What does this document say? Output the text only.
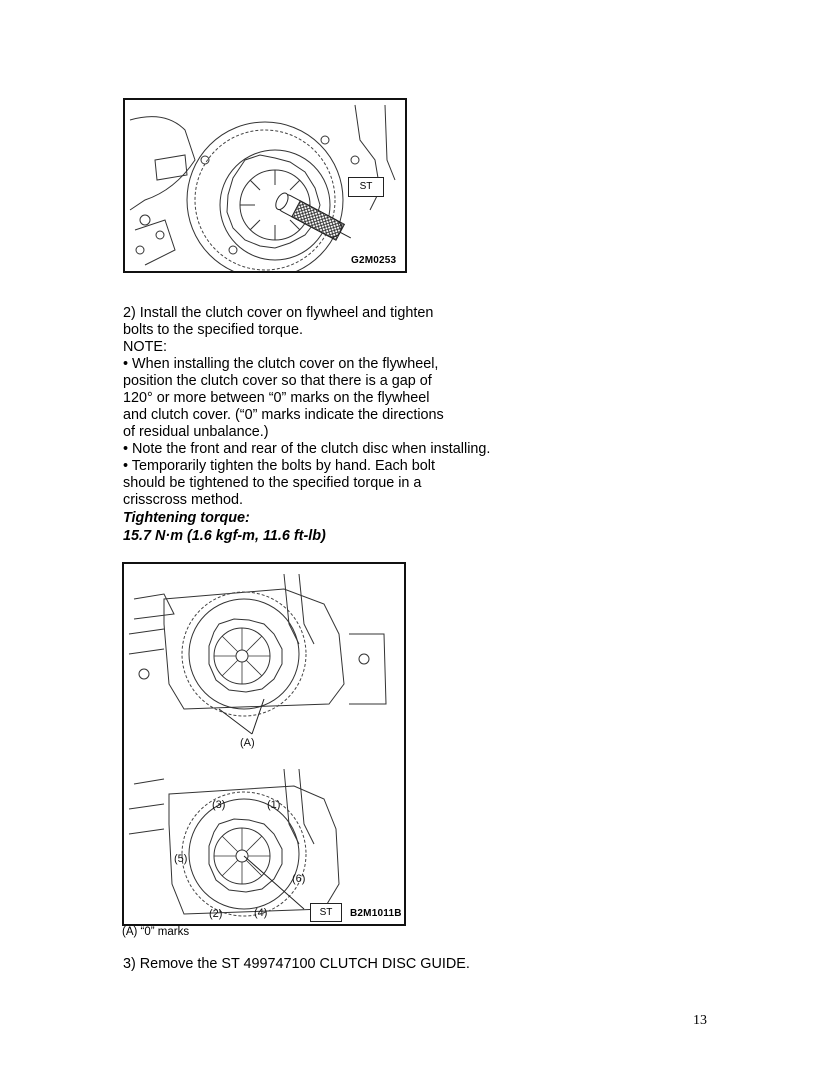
ST
G2M0253
2) Install the clutch cover on flywheel and tighten
bolts to the specified torque.
NOTE:
• When installing the clutch cover on the flywheel,
position the clutch cover so that there is a gap of
120° or more between “0” marks on the flywheel
and clutch cover. (“0” marks indicate the directions
of residual unbalance.)
• Note the front and rear of the clutch disc when installing.
• Temporarily tighten the bolts by hand. Each bolt
should be tightened to the specified torque in a
crisscross method.
Tightening torque:
15.7 N·m (1.6 kgf-m, 11.6 ft-lb)
(A)
(3)	(1)
(5)
(6)
(2)	(4)	ST	B2M1011B
(A) “0” marks
3) Remove the ST 499747100 CLUTCH DISC GUIDE.
13
